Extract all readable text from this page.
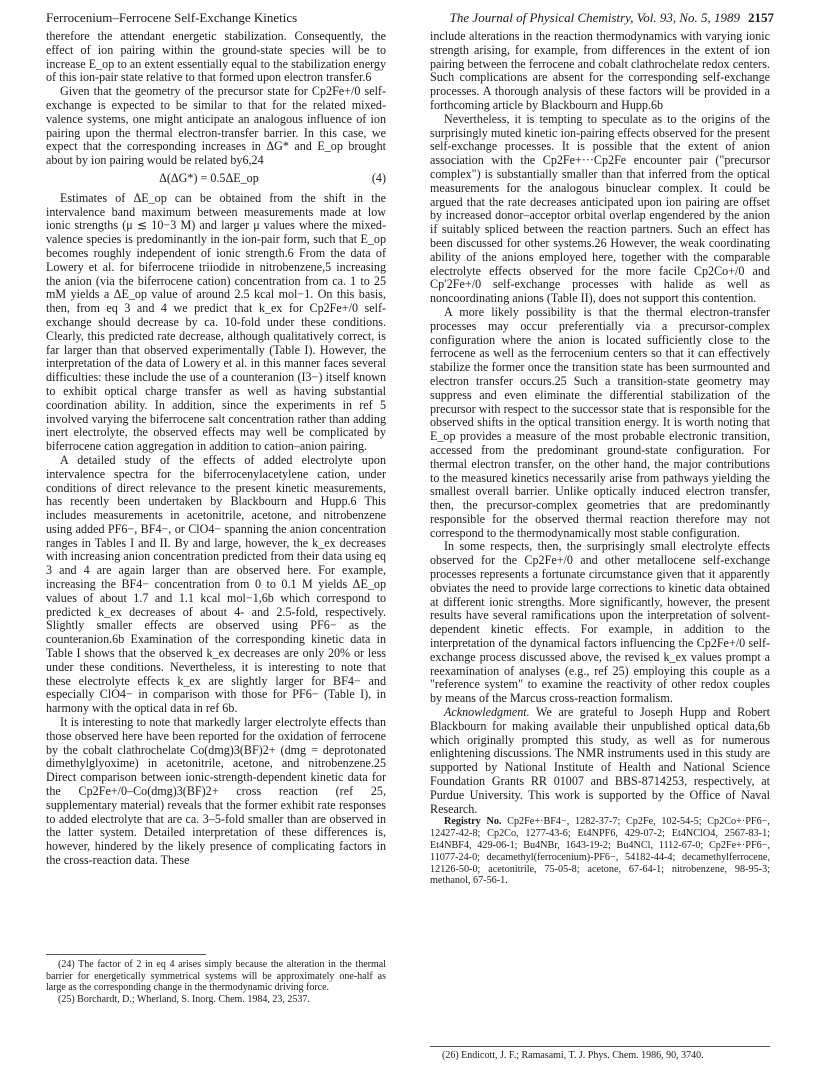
Ferrocenium–Ferrocene Self-Exchange Kinetics	The Journal of Physical Chemistry, Vol. 93, No. 5, 1989 2157

therefore the attendant energetic stabilization. Consequently, the effect of ion pairing within the ground-state species will be to increase E_op to an extent essentially equal to the stabilization energy of this ion-pair state relative to that formed upon electron transfer.6

Given that the geometry of the precursor state for Cp2Fe+/0 self-exchange is expected to be similar to that for the related mixed-valence systems, one might anticipate an analogous influence of ion pairing upon the thermal electron-transfer barrier. In this case, we expect that the corresponding increases in ΔG* and E_op brought about by ion pairing would be related by6,24

Δ(ΔG*) = 0.5ΔE_op	(4)

Estimates of ΔE_op can be obtained from the shift in the intervalence band maximum between measurements made at low ionic strengths (μ ≲ 10−3 M) and larger μ values where the mixed-valence species is predominantly in the ion-pair form, such that E_op becomes roughly independent of ionic strength.6 From the data of Lowery et al. for biferrocene triiodide in nitrobenzene,5 increasing the anion (via the biferrocene cation) concentration from ca. 1 to 25 mM yields a ΔE_op value of around 2.5 kcal mol−1. On this basis, then, from eq 3 and 4 we predict that k_ex for Cp2Fe+/0 self-exchange should decrease by ca. 10-fold under these conditions. Clearly, this predicted rate decrease, although qualitatively correct, is far larger than that observed experimentally (Table I). However, the interpretation of the data of Lowery et al. in this manner faces several difficulties: these include the use of a counteranion (I3−) itself known to exhibit optical charge transfer as well as having substantial coordination ability. In addition, since the experiments in ref 5 involved varying the biferrocene salt concentration rather than adding inert electrolyte, the observed effects may well be complicated by biferrocene cation aggregation in addition to cation–anion pairing.

A detailed study of the effects of added electrolyte upon intervalence spectra for the biferrocenylacetylene cation, under conditions of direct relevance to the present kinetic measurements, has recently been undertaken by Blackbourn and Hupp.6 This includes measurements in acetonitrile, acetone, and nitrobenzene using added PF6−, BF4−, or ClO4− spanning the anion concentration ranges in Tables I and II. By and large, however, the k_ex decreases with increasing anion concentration predicted from their data using eq 3 and 4 are again larger than are observed here. For example, increasing the BF4− concentration from 0 to 0.1 M yields ΔE_op values of about 1.7 and 1.1 kcal mol−1,6b which correspond to predicted k_ex decreases of about 4- and 2.5-fold, respectively. Slightly smaller effects are observed using PF6− as the counteranion.6b Examination of the corresponding kinetic data in Table I shows that the observed k_ex decreases are only 20% or less under these conditions. Nevertheless, it is interesting to note that these electrolyte effects k_ex are slightly larger for BF4− and especially ClO4− in comparison with those for PF6− (Table I), in harmony with the optical data in ref 6b.

It is interesting to note that markedly larger electrolyte effects than those observed here have been reported for the oxidation of ferrocene by the cobalt clathrochelate Co(dmg)3(BF)2+ (dmg = deprotonated dimethylglyoxime) in acetonitrile, acetone, and nitrobenzene.25 Direct comparison between ionic-strength-dependent kinetic data for the Cp2Fe+/0–Co(dmg)3(BF)2+ cross reaction (ref 25, supplementary material) reveals that the former exhibit rate responses to added electrolyte that are ca. 3–5-fold smaller than are observed in the latter system. Detailed interpretation of these differences is, however, hindered by the likely presence of complicating factors in the cross-reaction data. These

(24) The factor of 2 in eq 4 arises simply because the alteration in the thermal barrier for energetically symmetrical systems will be approximately one-half as large as the corresponding change in the thermodynamic driving force.

(25) Borchardt, D.; Wherland, S. Inorg. Chem. 1984, 23, 2537.

include alterations in the reaction thermodynamics with varying ionic strength arising, for example, from differences in the extent of ion pairing between the ferrocene and cobalt clathrochelate redox centers. Such complications are absent for the corresponding self-exchange processes. A thorough analysis of these factors will be provided in a forthcoming article by Blackbourn and Hupp.6b

Nevertheless, it is tempting to speculate as to the origins of the surprisingly muted kinetic ion-pairing effects observed for the present self-exchange processes. It is possible that the extent of anion association with the Cp2Fe+···Cp2Fe encounter pair ("precursor complex") is substantially smaller than that inferred from the optical measurements for the analogous binuclear complex. It could be argued that the rate decreases anticipated upon ion pairing are offset by increased donor–acceptor orbital overlap engendered by the anion if suitably spliced between the reaction partners. Such an effect has been discussed for other systems.26 However, the weak coordinating ability of the anions employed here, together with the comparable electrolyte effects observed for the more facile Cp2Co+/0 and Cp′2Fe+/0 self-exchange processes with halide as well as noncoordinating anions (Table II), does not support this contention.

A more likely possibility is that the thermal electron-transfer processes may occur preferentially via a precursor-complex configuration where the anion is located sufficiently close to the ferrocene as well as the ferrocenium centers so that it can effectively stabilize the former once the transition state has been surmounted and electron transfer occurs.25 Such a transition-state geometry may suppress and even eliminate the differential stabilization of the precursor with respect to the successor state that is responsible for the observed shifts in the optical transition energy. It is worth noting that E_op provides a measure of the most probable electronic transition, accessed from the predominant ground-state configuration. For thermal electron transfer, on the other hand, the major contributions to the measured kinetics necessarily arise from pathways yielding the smallest overall barrier. Unlike optically induced electron transfer, then, the precursor-complex geometries that are predominantly responsible for the observed thermal reaction therefore may not correspond to the thermodynamically most stable configuration.

In some respects, then, the surprisingly small electrolyte effects observed for the Cp2Fe+/0 and other metallocene self-exchange processes represents a fortunate circumstance given that it apparently obviates the need to provide large corrections to kinetic data obtained at different ionic strengths. More significantly, however, the present results have several ramifications upon the interpretation of solvent-dependent kinetic effects. For example, in addition to the interpretation of the dynamical factors influencing the Cp2Fe+/0 self-exchange process discussed above, the revised k_ex values prompt a reexamination of analyses (e.g., ref 25) employing this couple as a "reference system" to examine the reactivity of other redox couples by means of the Marcus cross-reaction formalism.

Acknowledgment. We are grateful to Joseph Hupp and Robert Blackbourn for making available their unpublished optical data,6b which originally prompted this study, as well as for numerous enlightening discussions. The NMR instruments used in this study are supported by National Institute of Health and National Science Foundation Grants RR 01007 and BBS-8714253, respectively, at Purdue University. This work is supported by the Office of Naval Research.

Registry No. Cp2Fe+·BF4−, 1282-37-7; Cp2Fe, 102-54-5; Cp2Co+·PF6−, 12427-42-8; Cp2Co, 1277-43-6; Et4NPF6, 429-07-2; Et4NClO4, 2567-83-1; Et4NBF4, 429-06-1; Bu4NBr, 1643-19-2; Bu4NCl, 1112-67-0; Cp2Fe+·PF6−, 11077-24-0; decamethyl(ferrocenium)-PF6−, 54182-44-4; decamethylferrocene, 12126-50-0; acetonitrile, 75-05-8; acetone, 67-64-1; nitrobenzene, 98-95-3; methanol, 67-56-1.

(26) Endicott, J. F.; Ramasami, T. J. Phys. Chem. 1986, 90, 3740.
